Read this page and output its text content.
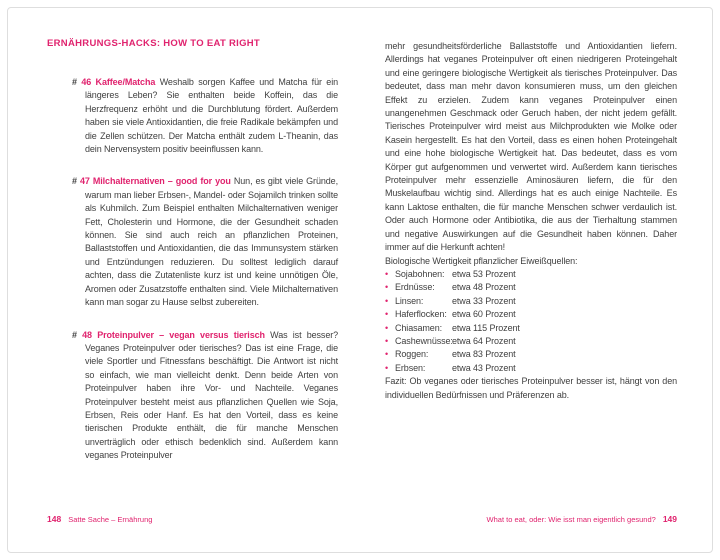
ERNÄHRUNGS-HACKS: HOW TO EAT RIGHT

# 46 Kaffee/Matcha Weshalb sorgen Kaffee und Matcha für ein längeres Leben? Sie enthalten beide Koffein, das die Herzfrequenz erhöht und die Durchblutung fördert. Außerdem haben sie viele Antioxidantien, die freie Radikale bekämpfen und die Zellen schützen. Der Matcha enthält zudem L-Theanin, das dein Nervensystem positiv beeinflussen kann.

# 47 Milchalternativen – good for you Nun, es gibt viele Gründe, warum man lieber Erbsen-, Mandel- oder Sojamilch trinken sollte als Kuhmilch. Zum Beispiel enthalten Milchalternativen weniger Fett, Cholesterin und Hormone, die der Gesundheit schaden können. Sie sind auch reich an pflanzlichen Proteinen, Ballaststoffen und Antioxidantien, die das Immunsystem stärken und Entzündungen reduzieren. Du solltest lediglich darauf achten, dass die Zutatenliste kurz ist und keine unnötigen Öle, Aromen oder Zusatzstoffe enthalten sind. Viele Milchalternativen kann man sogar zu Hause selbst zubereiten.

# 48 Proteinpulver – vegan versus tierisch Was ist besser? Veganes Proteinpulver oder tierisches? Das ist eine Frage, die viele Sportler und Fitnessfans beschäftigt. Die Antwort ist nicht so einfach, wie man vielleicht denkt. Denn beide Arten von Proteinpulver haben ihre Vor- und Nachteile. Veganes Proteinpulver besteht meist aus pflanzlichen Quellen wie Soja, Erbsen, Reis oder Hanf. Es hat den Vorteil, dass es keine tierischen Produkte enthält, die für manche Menschen unverträglich oder ethisch bedenklich sind. Außerdem kann veganes Proteinpulver

mehr gesundheitsförderliche Ballaststoffe und Antioxidantien liefern. Allerdings hat veganes Proteinpulver oft einen niedrigeren Proteingehalt und eine geringere biologische Wertigkeit als tierisches Proteinpulver. Das bedeutet, dass man mehr davon konsumieren muss, um den gleichen Effekt zu erzielen. Zudem kann veganes Proteinpulver einen unangenehmen Geschmack oder Geruch haben, der nicht jedem gefällt. Tierisches Proteinpulver wird meist aus Milchprodukten wie Molke oder Kasein hergestellt. Es hat den Vorteil, dass es einen hohen Proteingehalt und eine hohe biologische Wertigkeit hat. Das bedeutet, dass es vom Körper gut aufgenommen und verwertet wird. Außerdem kann tierisches Proteinpulver mehr essenzielle Aminosäuren liefern, die für den Muskelaufbau wichtig sind. Allerdings hat es auch einige Nachteile. Es kann Laktose enthalten, die für manche Menschen schwer verdaulich ist. Oder auch Hormone oder Antibiotika, die aus der Tierhaltung stammen und negative Auswirkungen auf die Gesundheit haben können. Daher immer auf die Herkunft achten!

Biologische Wertigkeit pflanzlicher Eiweißquellen:

• Sojabohnen: etwa 53 Prozent
• Erdnüsse:	etwa 48 Prozent
• Linsen:	etwa 33 Prozent
• Haferflocken: etwa 60 Prozent
• Chiasamen:	etwa 115 Prozent
• Cashewnüsse: etwa 64 Prozent
• Roggen:	etwa 83 Prozent
• Erbsen:	etwa 43 Prozent

Fazit: Ob veganes oder tierisches Proteinpulver besser ist, hängt von den individuellen Bedürfnissen und Präferenzen ab.

148 Satte Sache – Ernährung	What to eat, oder: Wie isst man eigentlich gesund? 149
